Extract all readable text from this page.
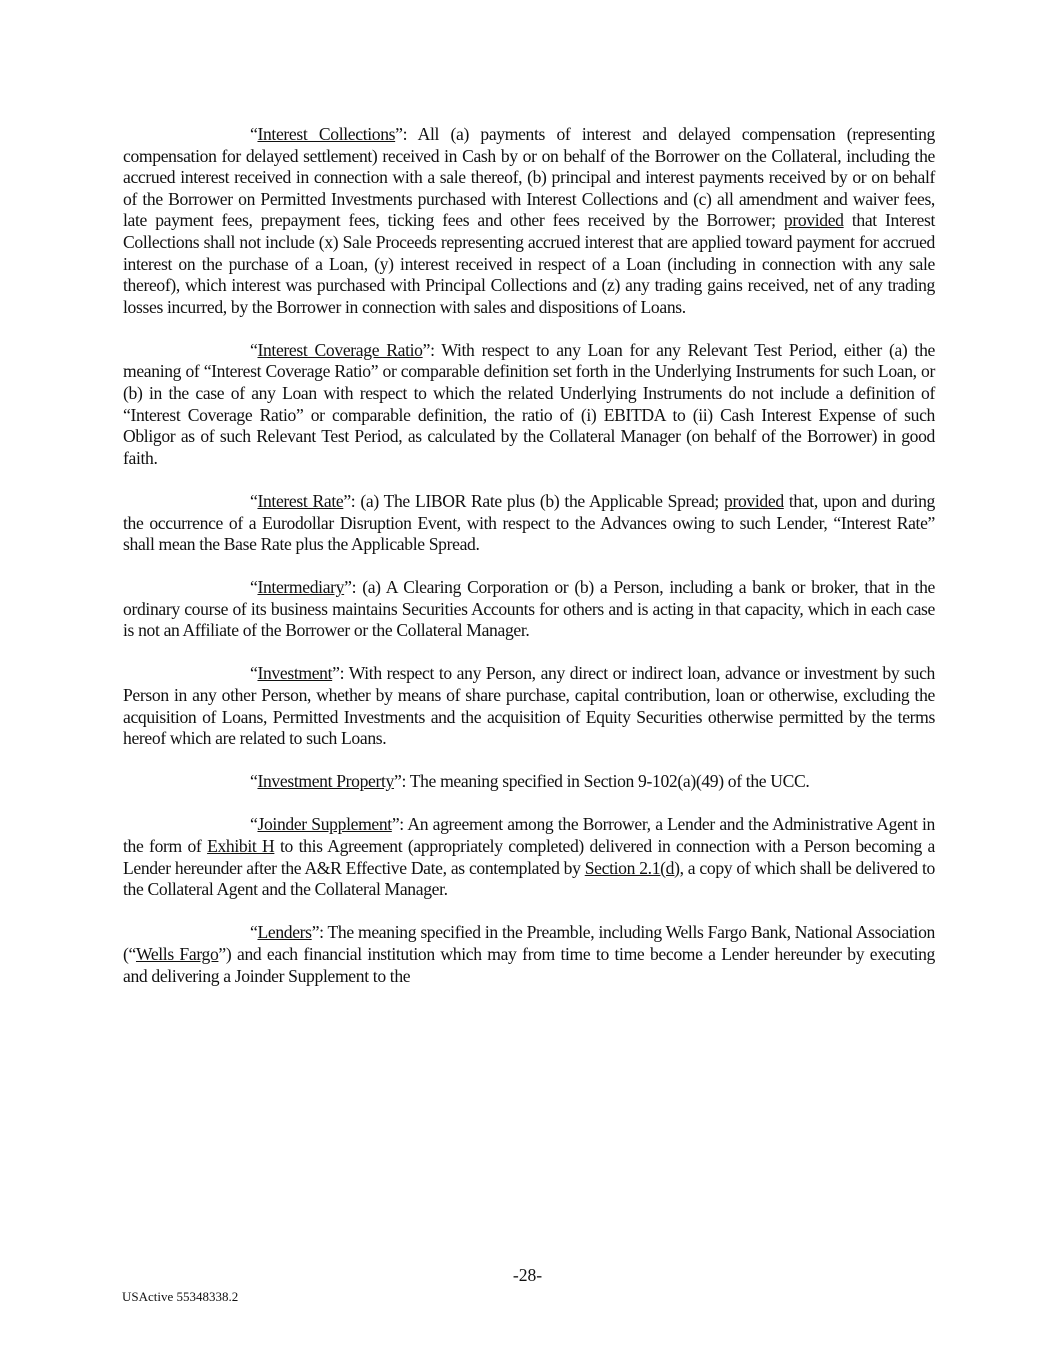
“Interest Collections”: All (a) payments of interest and delayed compensation (representing compensation for delayed settlement) received in Cash by or on behalf of the Borrower on the Collateral, including the accrued interest received in connection with a sale thereof, (b) principal and interest payments received by or on behalf of the Borrower on Permitted Investments purchased with Interest Collections and (c) all amendment and waiver fees, late payment fees, prepayment fees, ticking fees and other fees received by the Borrower; provided that Interest Collections shall not include (x) Sale Proceeds representing accrued interest that are applied toward payment for accrued interest on the purchase of a Loan, (y) interest received in respect of a Loan (including in connection with any sale thereof), which interest was purchased with Principal Collections and (z) any trading gains received, net of any trading losses incurred, by the Borrower in connection with sales and dispositions of Loans.

“Interest Coverage Ratio”: With respect to any Loan for any Relevant Test Period, either (a) the meaning of “Interest Coverage Ratio” or comparable definition set forth in the Underlying Instruments for such Loan, or (b) in the case of any Loan with respect to which the related Underlying Instruments do not include a definition of “Interest Coverage Ratio” or comparable definition, the ratio of (i) EBITDA to (ii) Cash Interest Expense of such Obligor as of such Relevant Test Period, as calculated by the Collateral Manager (on behalf of the Borrower) in good faith.

“Interest Rate”: (a) The LIBOR Rate plus (b) the Applicable Spread; provided that, upon and during the occurrence of a Eurodollar Disruption Event, with respect to the Advances owing to such Lender, “Interest Rate” shall mean the Base Rate plus the Applicable Spread.

“Intermediary”: (a) A Clearing Corporation or (b) a Person, including a bank or broker, that in the ordinary course of its business maintains Securities Accounts for others and is acting in that capacity, which in each case is not an Affiliate of the Borrower or the Collateral Manager.

“Investment”: With respect to any Person, any direct or indirect loan, advance or investment by such Person in any other Person, whether by means of share purchase, capital contribution, loan or otherwise, excluding the acquisition of Loans, Permitted Investments and the acquisition of Equity Securities otherwise permitted by the terms hereof which are related to such Loans.

“Investment Property”: The meaning specified in Section 9-102(a)(49) of the UCC.

“Joinder Supplement”: An agreement among the Borrower, a Lender and the Administrative Agent in the form of Exhibit H to this Agreement (appropriately completed) delivered in connection with a Person becoming a Lender hereunder after the A&R Effective Date, as contemplated by Section 2.1(d), a copy of which shall be delivered to the Collateral Agent and the Collateral Manager.

“Lenders”: The meaning specified in the Preamble, including Wells Fargo Bank, National Association (“Wells Fargo”) and each financial institution which may from time to time become a Lender hereunder by executing and delivering a Joinder Supplement to the

-28-
USActive 55348338.2
